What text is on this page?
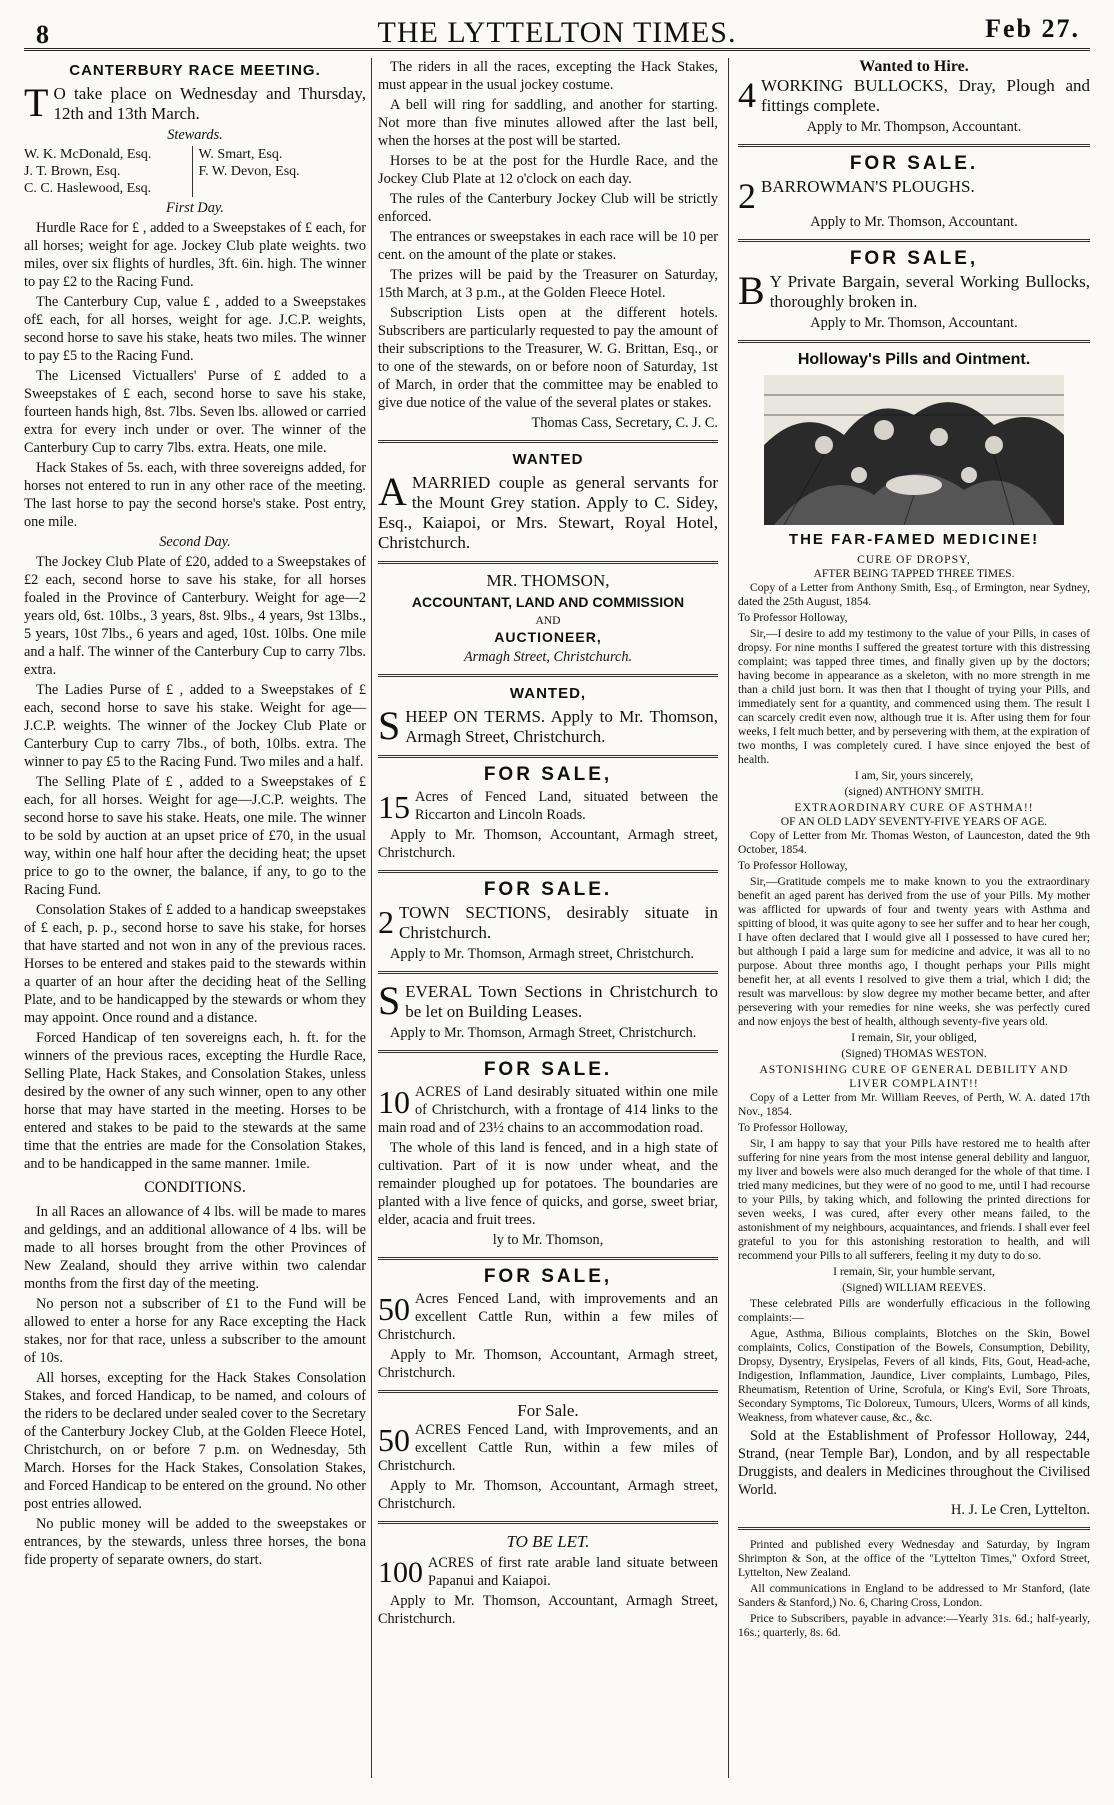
8	THE LYTTELTON TIMES.	Feb 27.
CANTERBURY RACE MEETING.

T O take place on Wednesday and Thursday, 12th and 13th March.

Stewards.
W. K. McDonald, Esq.
J. T. Brown, Esq.
C. C. Haslewood, Esq.
W. Smart, Esq.
F. W. Devon, Esq.
First Day.

Hurdle Race for £ , added to a Sweepstakes of £ each, for all horses; weight for age. Jockey Club plate weights. two miles, over six flights of hurdles, 3ft. 6in. high. The winner to pay £2 to the Racing Fund.

The Canterbury Cup, value £ , added to a Sweepstakes of£ each, for all horses, weight for age. J.C.P. weights, second horse to save his stake, heats two miles. The winner to pay £5 to the Racing Fund.

The Licensed Victuallers' Purse of £ added to a Sweepstakes of £ each, second horse to save his stake, fourteen hands high, 8st. 7lbs. Seven lbs. allowed or carried extra for every inch under or over. The winner of the Canterbury Cup to carry 7lbs. extra. Heats, one mile.

Hack Stakes of 5s. each, with three sovereigns added, for horses not entered to run in any other race of the meeting. The last horse to pay the second horse's stake. Post entry, one mile.

Second Day.

The Jockey Club Plate of £20, added to a Sweepstakes of £2 each, second horse to save his stake, for all horses foaled in the Province of Canterbury. Weight for age—2 years old, 6st. 10lbs., 3 years, 8st. 9lbs., 4 years, 9st 13lbs., 5 years, 10st 7lbs., 6 years and aged, 10st. 10lbs. One mile and a half. The winner of the Canterbury Cup to carry 7lbs. extra.

The Ladies Purse of £ , added to a Sweepstakes of £ each, second horse to save his stake. Weight for age—J.C.P. weights. The winner of the Jockey Club Plate or Canterbury Cup to carry 7lbs., of both, 10lbs. extra. The winner to pay £5 to the Racing Fund. Two miles and a half.

The Selling Plate of £ , added to a Sweepstakes of £ each, for all horses. Weight for age—J.C.P. weights. The second horse to save his stake. Heats, one mile. The winner to be sold by auction at an upset price of £70, in the usual way, within one half hour after the deciding heat; the upset price to go to the owner, the balance, if any, to go to the Racing Fund.

Consolation Stakes of £ added to a handicap sweepstakes of £ each, p. p., second horse to save his stake, for horses that have started and not won in any of the previous races. Horses to be entered and stakes paid to the stewards within a quarter of an hour after the deciding heat of the Selling Plate, and to be handicapped by the stewards or whom they may appoint. Once round and a distance.

Forced Handicap of ten sovereigns each, h. ft. for the winners of the previous races, excepting the Hurdle Race, Selling Plate, Hack Stakes, and Consolation Stakes, unless desired by the owner of any such winner, open to any other horse that may have started in the meeting. Horses to be entered and stakes to be paid to the stewards at the same time that the entries are made for the Consolation Stakes, and to be handicapped in the same manner. 1mile.

CONDITIONS.

In all Races an allowance of 4 lbs. will be made to mares and geldings, and an additional allowance of 4 lbs. will be made to all horses brought from the other Provinces of New Zealand, should they arrive within two calendar months from the first day of the meeting.

No person not a subscriber of £1 to the Fund will be allowed to enter a horse for any Race excepting the Hack stakes, nor for that race, unless a subscriber to the amount of 10s.

All horses, excepting for the Hack Stakes Consolation Stakes, and forced Handicap, to be named, and colours of the riders to be declared under sealed cover to the Secretary of the Canterbury Jockey Club, at the Golden Fleece Hotel, Christchurch, on or before 7 p.m. on Wednesday, 5th March. Horses for the Hack Stakes, Consolation Stakes, and Forced Handicap to be entered on the ground. No other post entries allowed.

No public money will be added to the sweepstakes or entrances, by the stewards, unless three horses, the bona fide property of separate owners, do start.

The riders in all the races, excepting the Hack Stakes, must appear in the usual jockey costume.

A bell will ring for saddling, and another for starting. Not more than five minutes allowed after the last bell, when the horses at the post will be started.

Horses to be at the post for the Hurdle Race, and the Jockey Club Plate at 12 o'clock on each day.

The rules of the Canterbury Jockey Club will be strictly enforced.

The entrances or sweepstakes in each race will be 10 per cent. on the amount of the plate or stakes.

The prizes will be paid by the Treasurer on Saturday, 15th March, at 3 p.m., at the Golden Fleece Hotel.

Subscription Lists open at the different hotels. Subscribers are particularly requested to pay the amount of their subscriptions to the Treasurer, W. G. Brittan, Esq., or to one of the stewards, on or before noon of Saturday, 1st of March, in order that the committee may be enabled to give due notice of the value of the several plates or stakes.

Thomas Cass, Secretary, C. J. C.
WANTED

AMARRIED couple as general servants for the Mount Grey station. Apply to C. Sidey, Esq., Kaiapoi, or Mrs. Stewart, Royal Hotel, Christchurch.

MR. THOMSON,
ACCOUNTANT, LAND AND COMMISSION
AND
AUCTIONEER,
Armagh Street, Christchurch.
WANTED,

SHEEP ON TERMS. Apply to Mr. Thomson, Armagh Street, Christchurch.

FOR SALE,

15 Acres of Fenced Land, situated between the Riccarton and Lincoln Roads.

Apply to Mr. Thomson, Accountant, Armagh street, Christchurch.

FOR SALE.

2 TOWN SECTIONS, desirably situate in Christchurch.

Apply to Mr. Thomson, Armagh street, Christchurch.

SEVERAL Town Sections in Christchurch to be let on Building Leases.

Apply to Mr. Thomson, Armagh Street, Christchurch.

FOR SALE.

10 ACRES of Land desirably situated within one mile of Christchurch, with a frontage of 414 links to the main road and of 23½ chains to an accommodation road.

The whole of this land is fenced, and in a high state of cultivation. Part of it is now under wheat, and the remainder ploughed up for potatoes. The boundaries are planted with a live fence of quicks, and gorse, sweet briar, elder, acacia and fruit trees.

ly to Mr. Thomson,

FOR SALE,

50 Acres Fenced Land, with improvements and an excellent Cattle Run, within a few miles of Christchurch.

Apply to Mr. Thomson, Accountant, Armagh street, Christchurch.

For Sale.

50 ACRES Fenced Land, with Improvements, and an excellent Cattle Run, within a few miles of Christchurch.

Apply to Mr. Thomson, Accountant, Armagh street, Christchurch.

TO BE LET.

100 ACRES of first rate arable land situate between Papanui and Kaiapoi.

Apply to Mr. Thomson, Accountant, Armagh Street, Christchurch.

Wanted to Hire.

4 WORKING BULLOCKS, Dray, Plough and fittings complete.

Apply to Mr. Thompson, Accountant.

FOR SALE.

2 BARROWMAN'S PLOUGHS.

Apply to Mr. Thomson, Accountant.

FOR SALE,

B Y Private Bargain, several Working Bullocks, thoroughly broken in.

Apply to Mr. Thomson, Accountant.

Holloway's Pills and Ointment.
THE FAR-FAMED MEDICINE!
CURE OF DROPSY,
AFTER BEING TAPPED THREE TIMES.

Copy of a Letter from Anthony Smith, Esq., of Ermington, near Sydney, dated the 25th August, 1854.

To Professor Holloway,

Sir,—I desire to add my testimony to the value of your Pills, in cases of dropsy. For nine months I suffered the greatest torture with this distressing complaint; was tapped three times, and finally given up by the doctors; having become in appearance as a skeleton, with no more strength in me than a child just born. It was then that I thought of trying your Pills, and immediately sent for a quantity, and commenced using them. The result I can scarcely credit even now, although true it is. After using them for four weeks, I felt much better, and by persevering with them, at the expiration of two months, I was completely cured. I have since enjoyed the best of health.

I am, Sir, yours sincerely,

(signed) ANTHONY SMITH.

EXTRAORDINARY CURE OF ASTHMA!!
OF AN OLD LADY SEVENTY-FIVE YEARS OF AGE.

Copy of Letter from Mr. Thomas Weston, of Launceston, dated the 9th October, 1854.

To Professor Holloway,

Sir,—Gratitude compels me to make known to you the extraordinary benefit an aged parent has derived from the use of your Pills. My mother was afflicted for upwards of four and twenty years with Asthma and spitting of blood, it was quite agony to see her suffer and to hear her cough, I have often declared that I would give all I possessed to have cured her; but although I paid a large sum for medicine and advice, it was all to no purpose. About three months ago, I thought perhaps your Pills might benefit her, at all events I resolved to give them a trial, which I did; the result was marvellous: by slow degree my mother became better, and after persevering with your remedies for nine weeks, she was perfectly cured and now enjoys the best of health, although seventy-five years old.

I remain, Sir, your obliged,

(Signed) THOMAS WESTON.

ASTONISHING CURE OF GENERAL DEBILITY AND LIVER COMPLAINT!!

Copy of a Letter from Mr. William Reeves, of Perth, W. A. dated 17th Nov., 1854.

To Professor Holloway,

Sir, I am happy to say that your Pills have restored me to health after suffering for nine years from the most intense general debility and languor, my liver and bowels were also much deranged for the whole of that time. I tried many medicines, but they were of no good to me, until I had recourse to your Pills, by taking which, and following the printed directions for seven weeks, I was cured, after every other means failed, to the astonishment of my neighbours, acquaintances, and friends. I shall ever feel grateful to you for this astonishing restoration to health, and will recommend your Pills to all sufferers, feeling it my duty to do so.

I remain, Sir, your humble servant,

(Signed) WILLIAM REEVES.

These celebrated Pills are wonderfully efficacious in the following complaints:—

Ague, Asthma, Bilious complaints, Blotches on the Skin, Bowel complaints, Colics, Constipation of the Bowels, Consumption, Debility, Dropsy, Dysentry, Erysipelas, Fevers of all kinds, Fits, Gout, Head-ache, Indigestion, Inflammation, Jaundice, Liver complaints, Lumbago, Piles, Rheumatism, Retention of Urine, Scrofula, or King's Evil, Sore Throats, Secondary Symptoms, Tic Doloreux, Tumours, Ulcers, Worms of all kinds, Weakness, from whatever cause, &c., &c.

Sold at the Establishment of Professor Holloway, 244, Strand, (near Temple Bar), London, and by all respectable Druggists, and dealers in Medicines throughout the Civilised World.

H. J. Le Cren, Lyttelton.

Printed and published every Wednesday and Saturday, by Ingram Shrimpton & Son, at the office of the "Lyttelton Times," Oxford Street, Lyttelton, New Zealand.

All communications in England to be addressed to Mr Stanford, (late Sanders & Stanford,) No. 6, Charing Cross, London.

Price to Subscribers, payable in advance:—Yearly 31s. 6d.; half-yearly, 16s.; quarterly, 8s. 6d.
